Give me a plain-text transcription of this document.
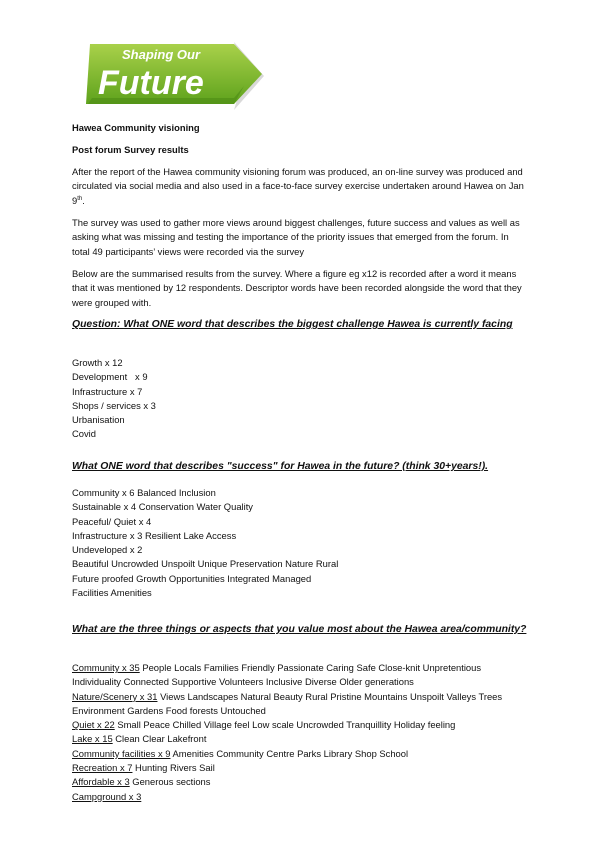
Shaping Our
Future
Hawea Community visioning
Post forum Survey results
After the report of the Hawea community visioning forum was produced, an on-line survey was produced and circulated via social media and also used in a face-to-face survey exercise undertaken around Hawea on Jan 9th.
The survey was used to gather more views around biggest challenges, future success and values as well as asking what was missing and testing the importance of the priority issues that emerged from the forum. In total 49 participants’ views were recorded via the survey
Below are the summarised results from the survey. Where a figure eg x12 is recorded after a word it means that it was mentioned by 12 respondents. Descriptor words have been recorded alongside the word that they were grouped with.
Question: What ONE word that describes the biggest challenge Hawea is currently facing
Growth x 12
Development   x 9
Infrastructure x 7
Shops / services x 3
Urbanisation
Covid
What ONE word that describes "success" for Hawea in the future? (think 30+years!).
Community x 6 Balanced Inclusion
Sustainable x 4 Conservation Water Quality
Peaceful/ Quiet x 4
Infrastructure x 3 Resilient Lake Access
Undeveloped x 2
Beautiful Uncrowded Unspoilt Unique Preservation Nature Rural
Future proofed Growth Opportunities Integrated Managed
Facilities Amenities
What are the three things or aspects that you value most about the Hawea area/community?
Community x 35 People Locals Families Friendly Passionate Caring Safe Close-knit Unpretentious Individuality Connected Supportive Volunteers Inclusive Diverse Older generations
Nature/Scenery x 31 Views Landscapes Natural Beauty Rural Pristine Mountains Unspoilt Valleys Trees Environment Gardens Food forests Untouched
Quiet x 22 Small Peace Chilled Village feel Low scale Uncrowded Tranquillity Holiday feeling
Lake x 15 Clean Clear Lakefront
Community facilities x 9 Amenities Community Centre Parks Library Shop School
Recreation x 7 Hunting Rivers Sail
Affordable x 3 Generous sections
Campground x 3
